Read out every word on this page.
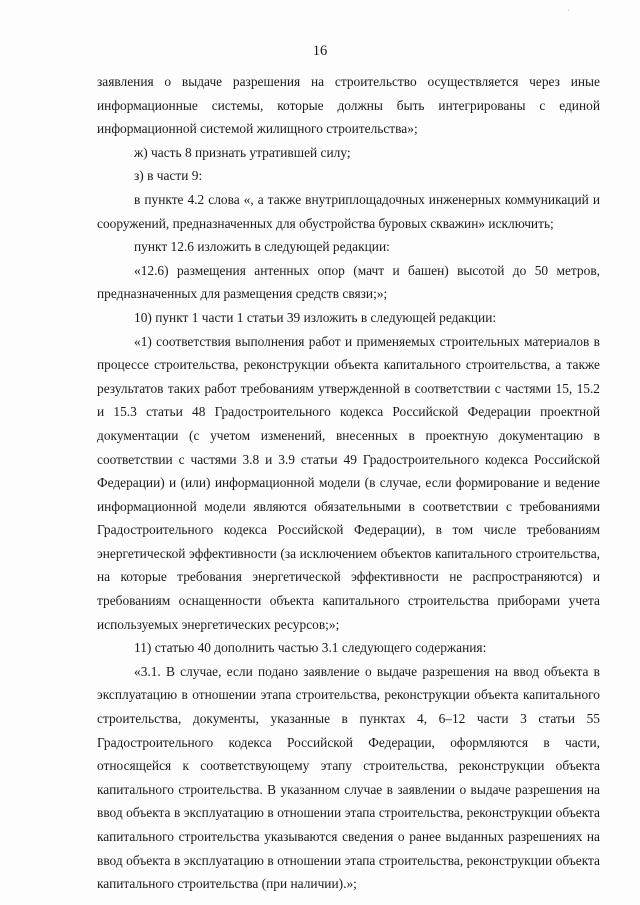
·
16

заявления о выдаче разрешения на строительство осуществляется через иные информационные системы, которые должны быть интегрированы с единой информационной системой жилищного строительства»;

ж) часть 8 признать утратившей силу;

з) в части 9:

в пункте 4.2 слова «, а также внутриплощадочных инженерных коммуникаций и сооружений, предназначенных для обустройства буровых скважин» исключить;

пункт 12.6 изложить в следующей редакции:

«12.6) размещения антенных опор (мачт и башен) высотой до 50 метров, предназначенных для размещения средств связи;»;

10) пункт 1 части 1 статьи 39 изложить в следующей редакции:

«1) соответствия выполнения работ и применяемых строительных материалов в процессе строительства, реконструкции объекта капитального строительства, а также результатов таких работ требованиям утвержденной в соответствии с частями 15, 15.2 и 15.3 статьи 48 Градостроительного кодекса Российской Федерации проектной документации (с учетом изменений, внесенных в проектную документацию в соответствии с частями 3.8 и 3.9 статьи 49 Градостроительного кодекса Российской Федерации) и (или) информационной модели (в случае, если формирование и ведение информационной модели являются обязательными в соответствии с требованиями Градостроительного кодекса Российской Федерации), в том числе требованиям энергетической эффективности (за исключением объектов капитального строительства, на которые требования энергетической эффективности не распространяются) и требованиям оснащенности объекта капитального строительства приборами учета используемых энергетических ресурсов;»;

11) статью 40 дополнить частью 3.1 следующего содержания:

«3.1. В случае, если подано заявление о выдаче разрешения на ввод объекта в эксплуатацию в отношении этапа строительства, реконструкции объекта капитального строительства, документы, указанные в пунктах 4, 6–12 части 3 статьи 55 Градостроительного кодекса Российской Федерации, оформляются в части, относящейся к соответствующему этапу строительства, реконструкции объекта капитального строительства. В указанном случае в заявлении о выдаче разрешения на ввод объекта в эксплуатацию в отношении этапа строительства, реконструкции объекта капитального строительства указываются сведения о ранее выданных разрешениях на ввод объекта в эксплуатацию в отношении этапа строительства, реконструкции объекта капитального строительства (при наличии).»;
